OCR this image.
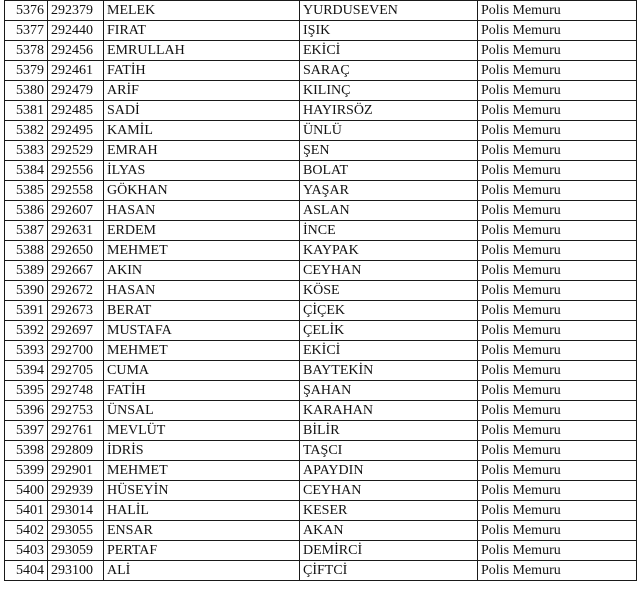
5376	292379	MELEK	YURDUSEVEN	Polis Memuru
5377	292440	FIRAT	IŞIK	Polis Memuru
5378	292456	EMRULLAH	EKİCİ	Polis Memuru
5379	292461	FATİH	SARAÇ	Polis Memuru
5380	292479	ARİF	KILINÇ	Polis Memuru
5381	292485	SADİ	HAYIRSÖZ	Polis Memuru
5382	292495	KAMİL	ÜNLÜ	Polis Memuru
5383	292529	EMRAH	ŞEN	Polis Memuru
5384	292556	İLYAS	BOLAT	Polis Memuru
5385	292558	GÖKHAN	YAŞAR	Polis Memuru
5386	292607	HASAN	ASLAN	Polis Memuru
5387	292631	ERDEM	İNCE	Polis Memuru
5388	292650	MEHMET	KAYPAK	Polis Memuru
5389	292667	AKIN	CEYHAN	Polis Memuru
5390	292672	HASAN	KÖSE	Polis Memuru
5391	292673	BERAT	ÇİÇEK	Polis Memuru
5392	292697	MUSTAFA	ÇELİK	Polis Memuru
5393	292700	MEHMET	EKİCİ	Polis Memuru
5394	292705	CUMA	BAYTEKİN	Polis Memuru
5395	292748	FATİH	ŞAHAN	Polis Memuru
5396	292753	ÜNSAL	KARAHAN	Polis Memuru
5397	292761	MEVLÜT	BİLİR	Polis Memuru
5398	292809	İDRİS	TAŞCI	Polis Memuru
5399	292901	MEHMET	APAYDIN	Polis Memuru
5400	292939	HÜSEYİN	CEYHAN	Polis Memuru
5401	293014	HALİL	KESER	Polis Memuru
5402	293055	ENSAR	AKAN	Polis Memuru
5403	293059	PERTAF	DEMİRCİ	Polis Memuru
5404	293100	ALİ	ÇİFTCİ	Polis Memuru
